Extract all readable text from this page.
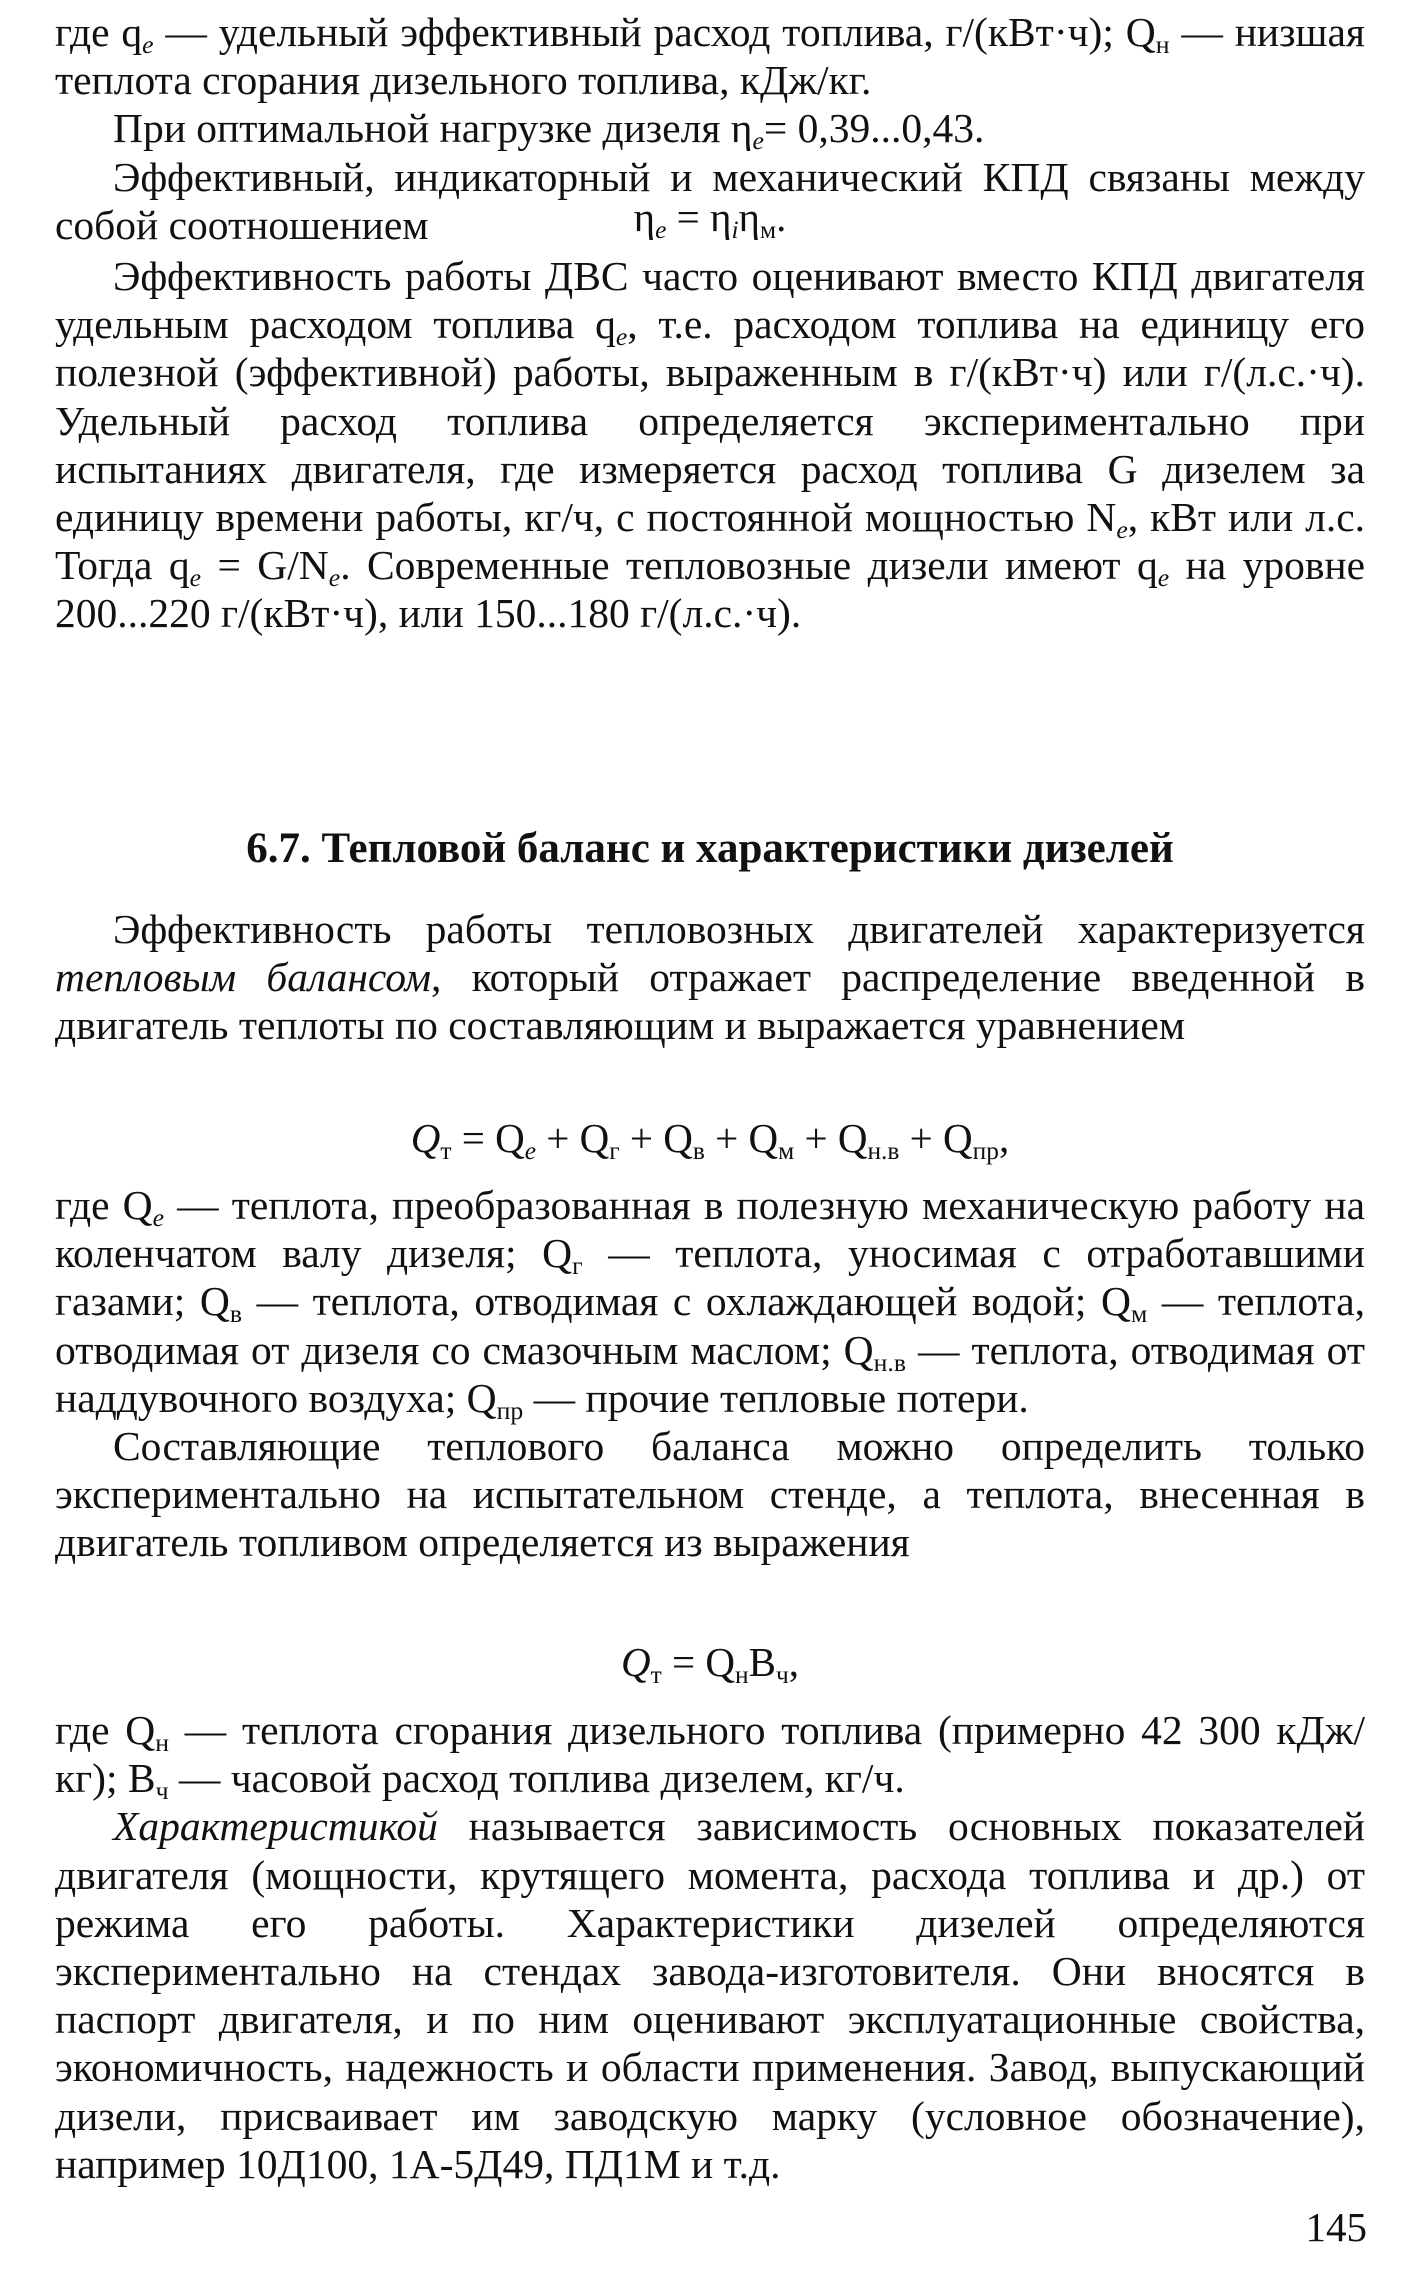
где $q_e$ — удельный эффективный расход топлива, г/(кВт·ч); $Q_н$ — низшая теплота сгорания дизельного топлива, кДж/кг.

При оптимальной нагрузке дизеля $\eta_e= 0,39...0,43$.

Эффективный, индикаторный и механический КПД связаны между собой соотношением	$\eta_e = \eta_i\eta_м$.

Эффективность работы ДВС часто оценивают вместо КПД двигателя удельным расходом топлива $q_e$, т.е. расходом топлива на единицу его полезной (эффективной) работы, выраженным в г/(кВт·ч) или г/(л.с.·ч). Удельный расход топлива определяется экспериментально при испытаниях двигателя, где измеряется расход топлива G дизелем за единицу времени работы, кг/ч, с постоянной мощностью $N_e$, кВт или л.с. Тогда $q_e = G/N_e$. Современные тепловозные дизели имеют $q_e$ на уровне 200...220 г/(кВт·ч), или 150...180 г/(л.с.·ч).

6.7. Тепловой баланс и характеристики дизелей

Эффективность работы тепловозных двигателей характеризуется тепловым балансом, который отражает распределение введенной в двигатель теплоты по составляющим и выражается уравнением

$Q_т = Q_e + Q_г + Q_в + Q_м + Q_{н.в} + Q_{пр}$,

где $Q_e$ — теплота, преобразованная в полезную механическую работу на коленчатом валу дизеля; $Q_г$ — теплота, уносимая с отработавшими газами; $Q_в$ — теплота, отводимая с охлаждающей водой; $Q_м$ — теплота, отводимая от дизеля со смазочным маслом; $Q_{н.в}$ — теплота, отводимая от наддувочного воздуха; $Q_{пр}$ — прочие тепловые потери.

Составляющие теплового баланса можно определить только экспериментально на испытательном стенде, а теплота, внесенная в двигатель топливом определяется из выражения

$Q_т = Q_нВ_ч$,

где $Q_н$ — теплота сгорания дизельного топлива (примерно 42 300 кДж/кг); $В_ч$ — часовой расход топлива дизелем, кг/ч.

Характеристикой называется зависимость основных показателей двигателя (мощности, крутящего момента, расхода топлива и др.) от режима его работы. Характеристики дизелей определяются экспериментально на стендах завода-изготовителя. Они вносятся в паспорт двигателя, и по ним оценивают эксплуатационные свойства, экономичность, надежность и области применения. Завод, выпускающий дизели, присваивает им заводскую марку (условное обозначение), например 10Д100, 1А-5Д49, ПД1М и т.д.

145
